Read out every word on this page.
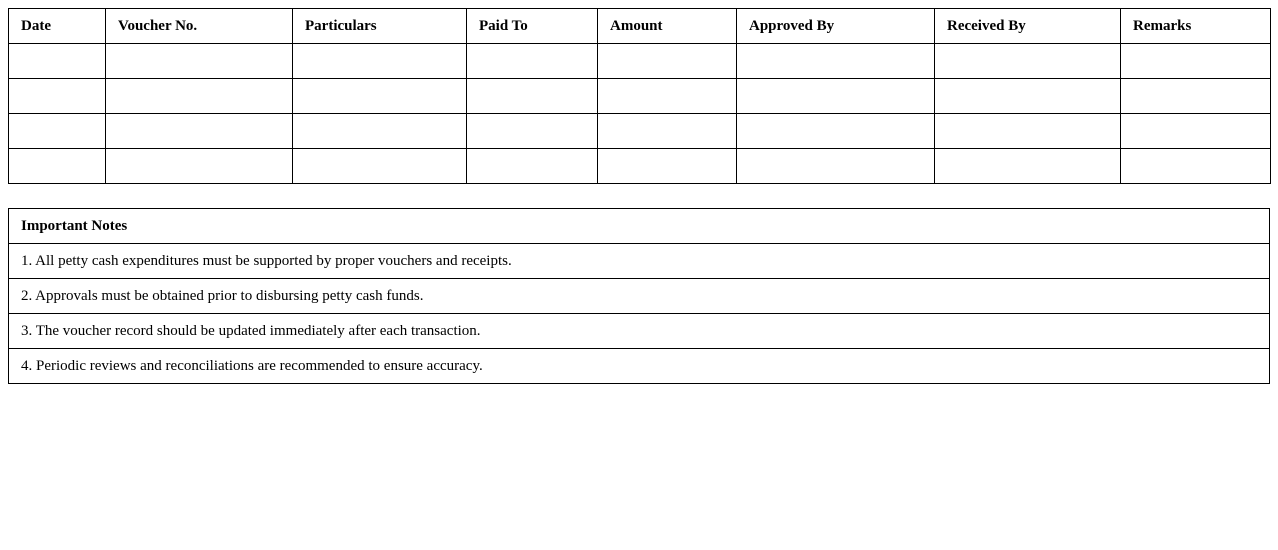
Date	Voucher No.	Particulars	Paid To	Amount	Approved By	Received By	Remarks

Important Notes
1. All petty cash expenditures must be supported by proper vouchers and receipts.
2. Approvals must be obtained prior to disbursing petty cash funds.
3. The voucher record should be updated immediately after each transaction.
4. Periodic reviews and reconciliations are recommended to ensure accuracy.
